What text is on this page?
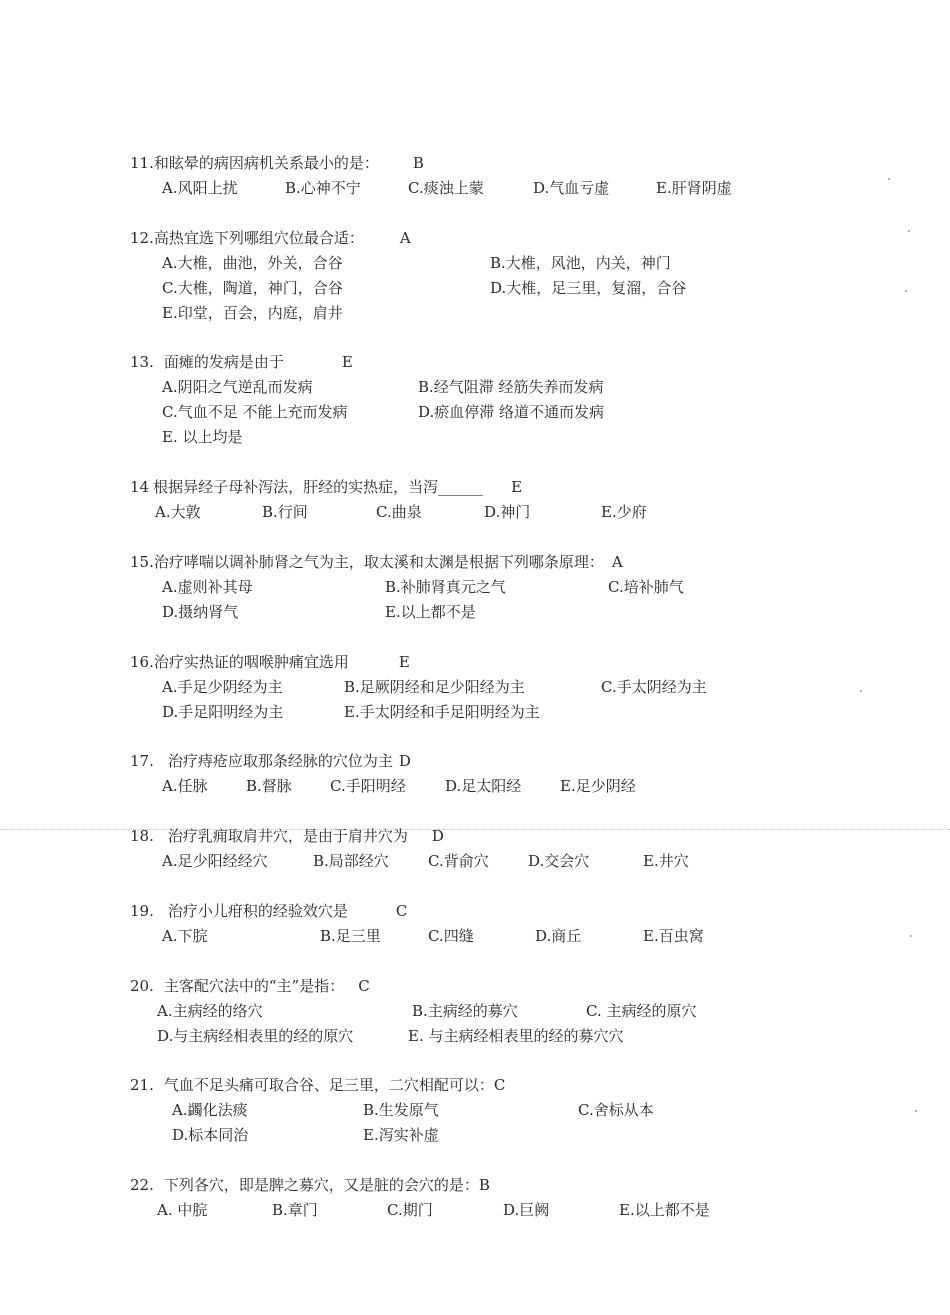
11.和眩晕的病因病机关系最小的是： B
A.风阳上扰	B.心神不宁	C.痰浊上蒙	D.气血亏虚	E.肝肾阴虚
12.高热宜选下列哪组穴位最合适： A
A.大椎，曲池，外关，合谷	B.大椎，风池，内关，神门
C.大椎，陶道，神门，合谷	D.大椎，足三里，复溜，合谷
E.印堂，百会，内庭，肩井
13. 面瘫的发病是由于	E
A.阴阳之气逆乱而发病	B.经气阻滞 经筋失养而发病
C.气血不足 不能上充而发病	D.瘀血停滞 络道不通而发病
E. 以上均是
14 根据异经子母补泻法，肝经的实热症，当泻______ E
A.大敦	B.行间	C.曲泉	D.神门	E.少府
15.治疗哮喘以调补肺肾之气为主，取太溪和太渊是根据下列哪条原理： A
A.虚则补其母	B.补肺肾真元之气	C.培补肺气
D.摄纳肾气	E.以上都不是
16.治疗实热证的咽喉肿痛宜选用	E
A.手足少阴经为主	B.足厥阴经和足少阳经为主	C.手太阴经为主
D.手足阳明经为主	E.手太阴经和手足阳明经为主
17. 治疗痔疮应取那条经脉的穴位为主 D
A.任脉	B.督脉	C.手阳明经	D.足太阳经	E.足少阴经
18. 治疗乳痈取肩井穴，是由于肩井穴为 D
A.足少阳经经穴	B.局部经穴	C.背俞穴	D.交会穴	E.井穴
19. 治疗小儿疳积的经验效穴是	C
A.下脘	B.足三里	C.四缝	D.商丘	E.百虫窝
20. 主客配穴法中的“主”是指： C
A.主病经的络穴	B.主病经的募穴	C. 主病经的原穴
D.与主病经相表里的经的原穴	E. 与主病经相表里的经的募穴穴
21. 气血不足头痛可取合谷、足三里，二穴相配可以：C
A.蠲化法痰	B.生发原气	C.舍标从本
D.标本同治	E.泻实补虚
22. 下列各穴，即是脾之募穴，又是脏的会穴的是：B
A. 中脘	B.章门	C.期门	D.巨阙	E.以上都不是
